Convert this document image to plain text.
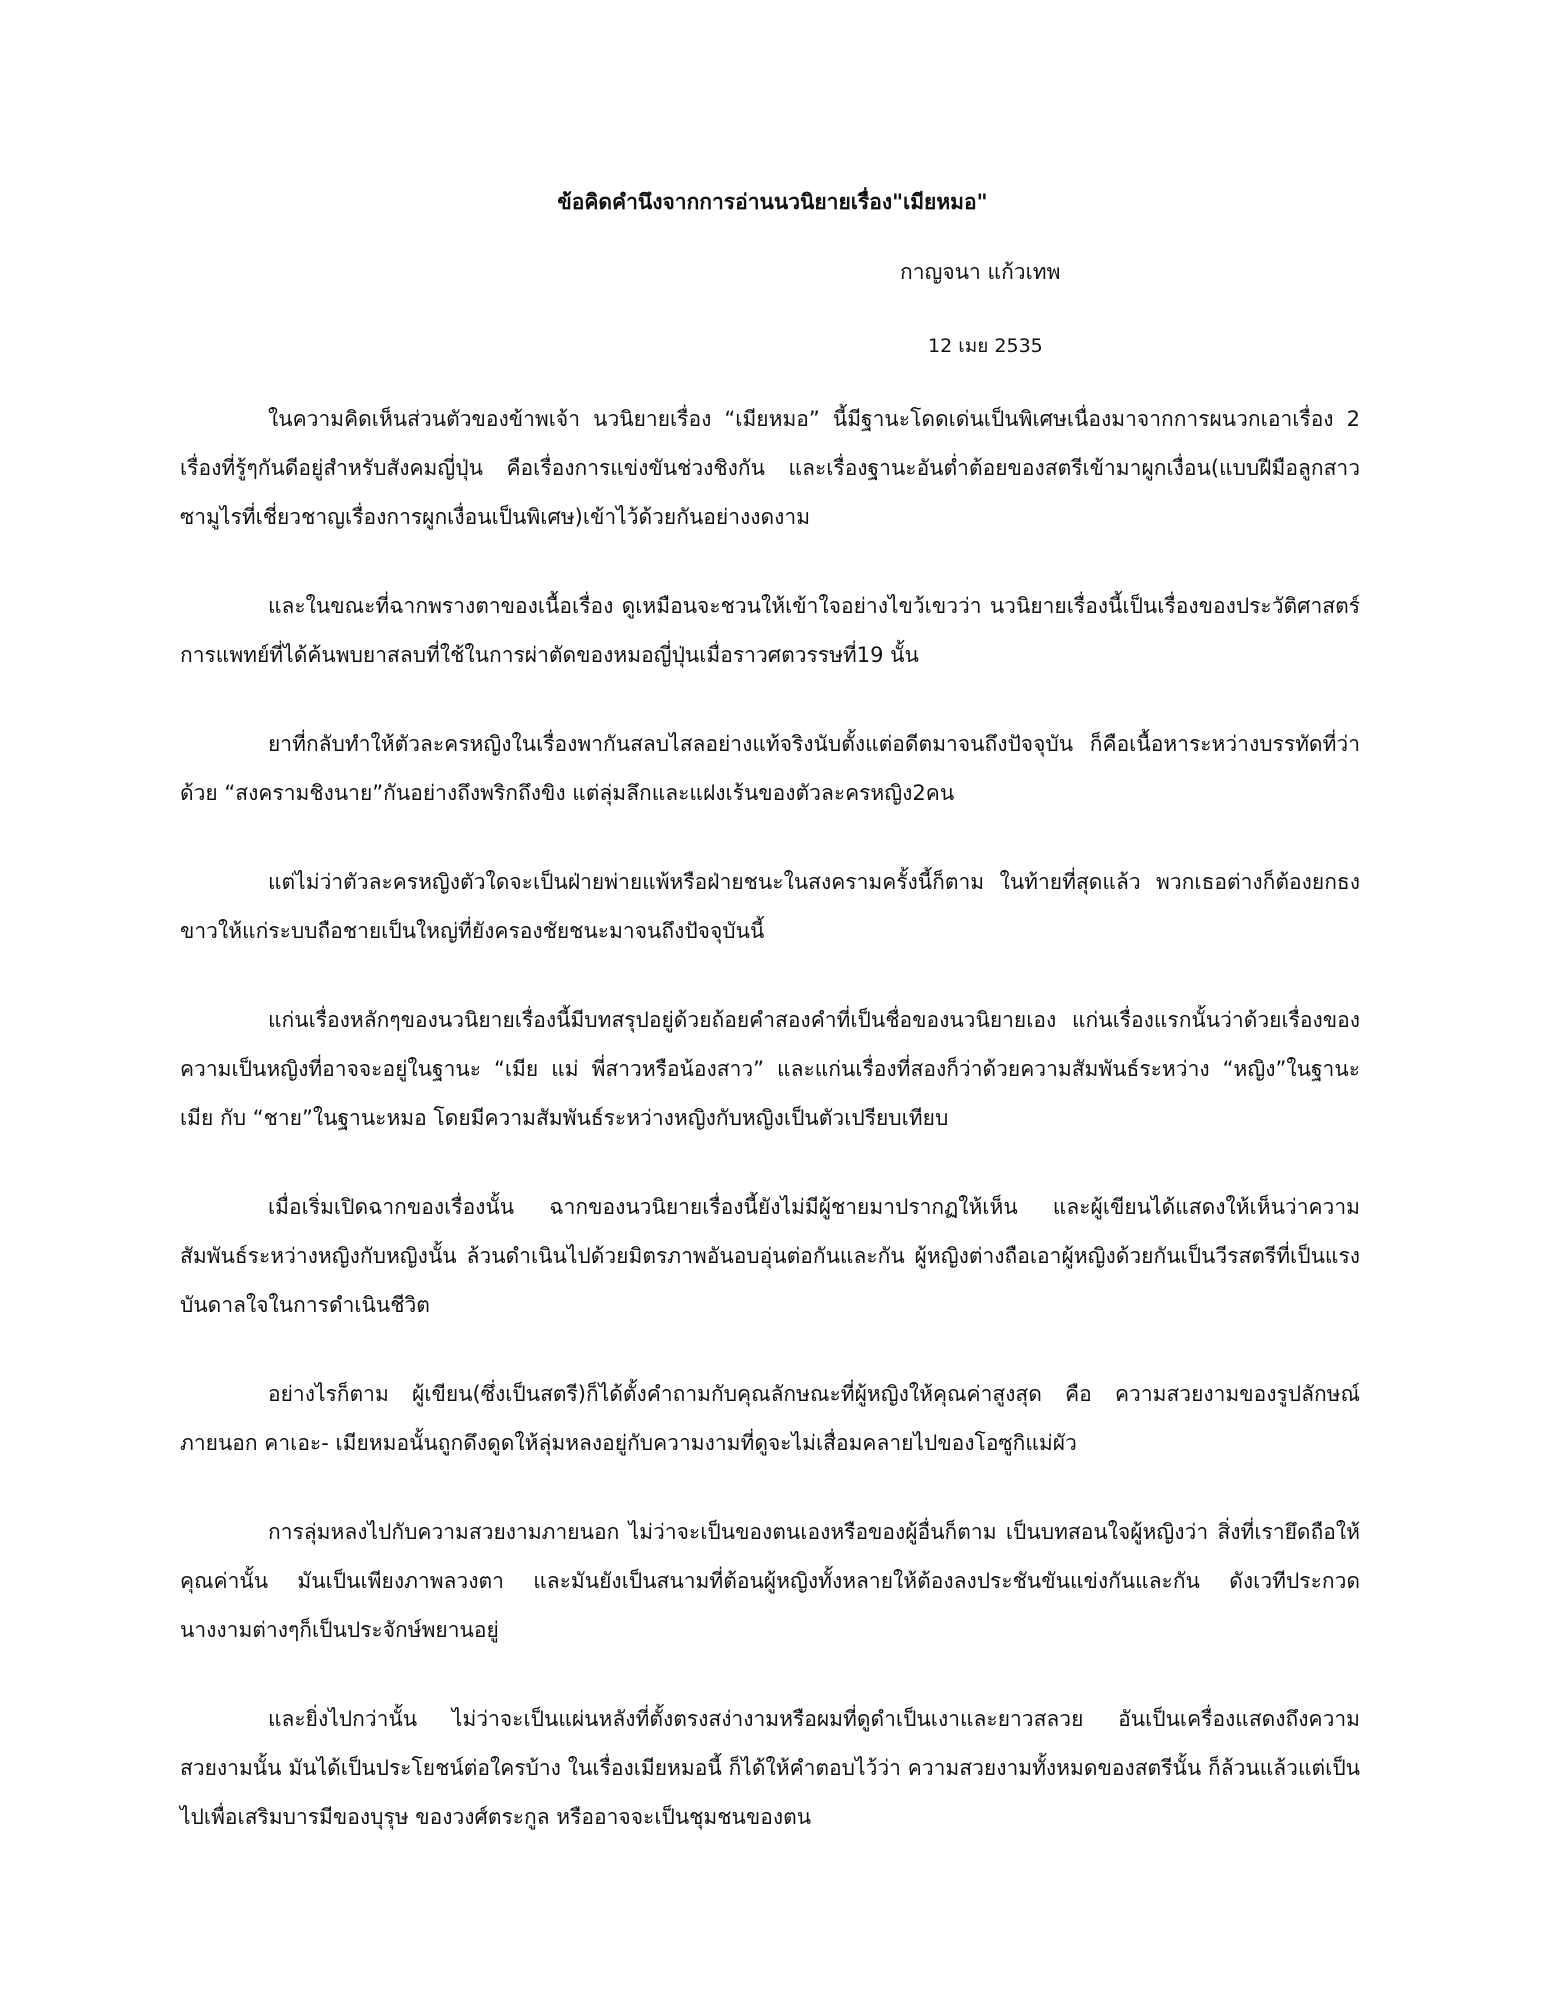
ข้อคิดคำนึงจากการอ่านนวนิยายเรื่อง"เมียหมอ"
กาญจนา แก้วเทพ
12 เมย 2535

ในความคิดเห็นส่วนตัวของข้าพเจ้า นวนิยายเรื่อง “เมียหมอ” นี้มีฐานะโดดเด่นเป็นพิเศษเนื่องมาจากการผนวกเอาเรื่อง 2 เรื่องที่รู้ๆกันดีอยู่สำหรับสังคมญี่ปุ่น คือเรื่องการแข่งขันช่วงชิงกัน และเรื่องฐานะอันต่ำต้อยของสตรีเข้ามาผูกเงื่อน(แบบฝีมือลูกสาวซามูไรที่เชี่ยวชาญเรื่องการผูกเงื่อนเป็นพิเศษ)เข้าไว้ด้วยกันอย่างงดงาม

และในขณะที่ฉากพรางตาของเนื้อเรื่อง ดูเหมือนจะชวนให้เข้าใจอย่างไขว้เขวว่า นวนิยายเรื่องนี้เป็นเรื่องของประวัติศาสตร์การแพทย์ที่ได้ค้นพบยาสลบที่ใช้ในการผ่าตัดของหมอญี่ปุ่นเมื่อราวศตวรรษที่19 นั้น

ยาที่กลับทำให้ตัวละครหญิงในเรื่องพากันสลบไสลอย่างแท้จริงนับตั้งแต่อดีตมาจนถึงปัจจุบัน ก็คือเนื้อหาระหว่างบรรทัดที่ว่าด้วย “สงครามชิงนาย”กันอย่างถึงพริกถึงขิง แต่ลุ่มลึกและแฝงเร้นของตัวละครหญิง2คน

แต่ไม่ว่าตัวละครหญิงตัวใดจะเป็นฝ่ายพ่ายแพ้หรือฝ่ายชนะในสงครามครั้งนี้ก็ตาม ในท้ายที่สุดแล้ว พวกเธอต่างก็ต้องยกธงขาวให้แก่ระบบถือชายเป็นใหญ่ที่ยังครองชัยชนะมาจนถึงปัจจุบันนี้

แก่นเรื่องหลักๆของนวนิยายเรื่องนี้มีบทสรุปอยู่ด้วยถ้อยคำสองคำที่เป็นชื่อของนวนิยายเอง แก่นเรื่องแรกนั้นว่าด้วยเรื่องของความเป็นหญิงที่อาจจะอยู่ในฐานะ “เมีย แม่ พี่สาวหรือน้องสาว” และแก่นเรื่องที่สองก็ว่าด้วยความสัมพันธ์ระหว่าง “หญิง”ในฐานะเมีย กับ “ชาย”ในฐานะหมอ โดยมีความสัมพันธ์ระหว่างหญิงกับหญิงเป็นตัวเปรียบเทียบ

เมื่อเริ่มเปิดฉากของเรื่องนั้น ฉากของนวนิยายเรื่องนี้ยังไม่มีผู้ชายมาปรากฏให้เห็น และผู้เขียนได้แสดงให้เห็นว่าความสัมพันธ์ระหว่างหญิงกับหญิงนั้น ล้วนดำเนินไปด้วยมิตรภาพอันอบอุ่นต่อกันและกัน ผู้หญิงต่างถือเอาผู้หญิงด้วยกันเป็นวีรสตรีที่เป็นแรงบันดาลใจในการดำเนินชีวิต

อย่างไรก็ตาม ผู้เขียน(ซึ่งเป็นสตรี)ก็ได้ตั้งคำถามกับคุณลักษณะที่ผู้หญิงให้คุณค่าสูงสุด คือ ความสวยงามของรูปลักษณ์ภายนอก คาเอะ- เมียหมอนั้นถูกดึงดูดให้ลุ่มหลงอยู่กับความงามที่ดูจะไม่เสื่อมคลายไปของโอซูกิแม่ผัว

การลุ่มหลงไปกับความสวยงามภายนอก ไม่ว่าจะเป็นของตนเองหรือของผู้อื่นก็ตาม เป็นบทสอนใจผู้หญิงว่า สิ่งที่เรายึดถือให้คุณค่านั้น มันเป็นเพียงภาพลวงตา และมันยังเป็นสนามที่ต้อนผู้หญิงทั้งหลายให้ต้องลงประชันขันแข่งกันและกัน ดังเวทีประกวดนางงามต่างๆก็เป็นประจักษ์พยานอยู่

และยิ่งไปกว่านั้น ไม่ว่าจะเป็นแผ่นหลังที่ตั้งตรงสง่างามหรือผมที่ดูดำเป็นเงาและยาวสลวย อันเป็นเครื่องแสดงถึงความสวยงามนั้น มันได้เป็นประโยชน์ต่อใครบ้าง ในเรื่องเมียหมอนี้ ก็ได้ให้คำตอบไว้ว่า ความสวยงามทั้งหมดของสตรีนั้น ก็ล้วนแล้วแต่เป็นไปเพื่อเสริมบารมีของบุรุษ ของวงศ์ตระกูล หรืออาจจะเป็นชุมชนของตน
